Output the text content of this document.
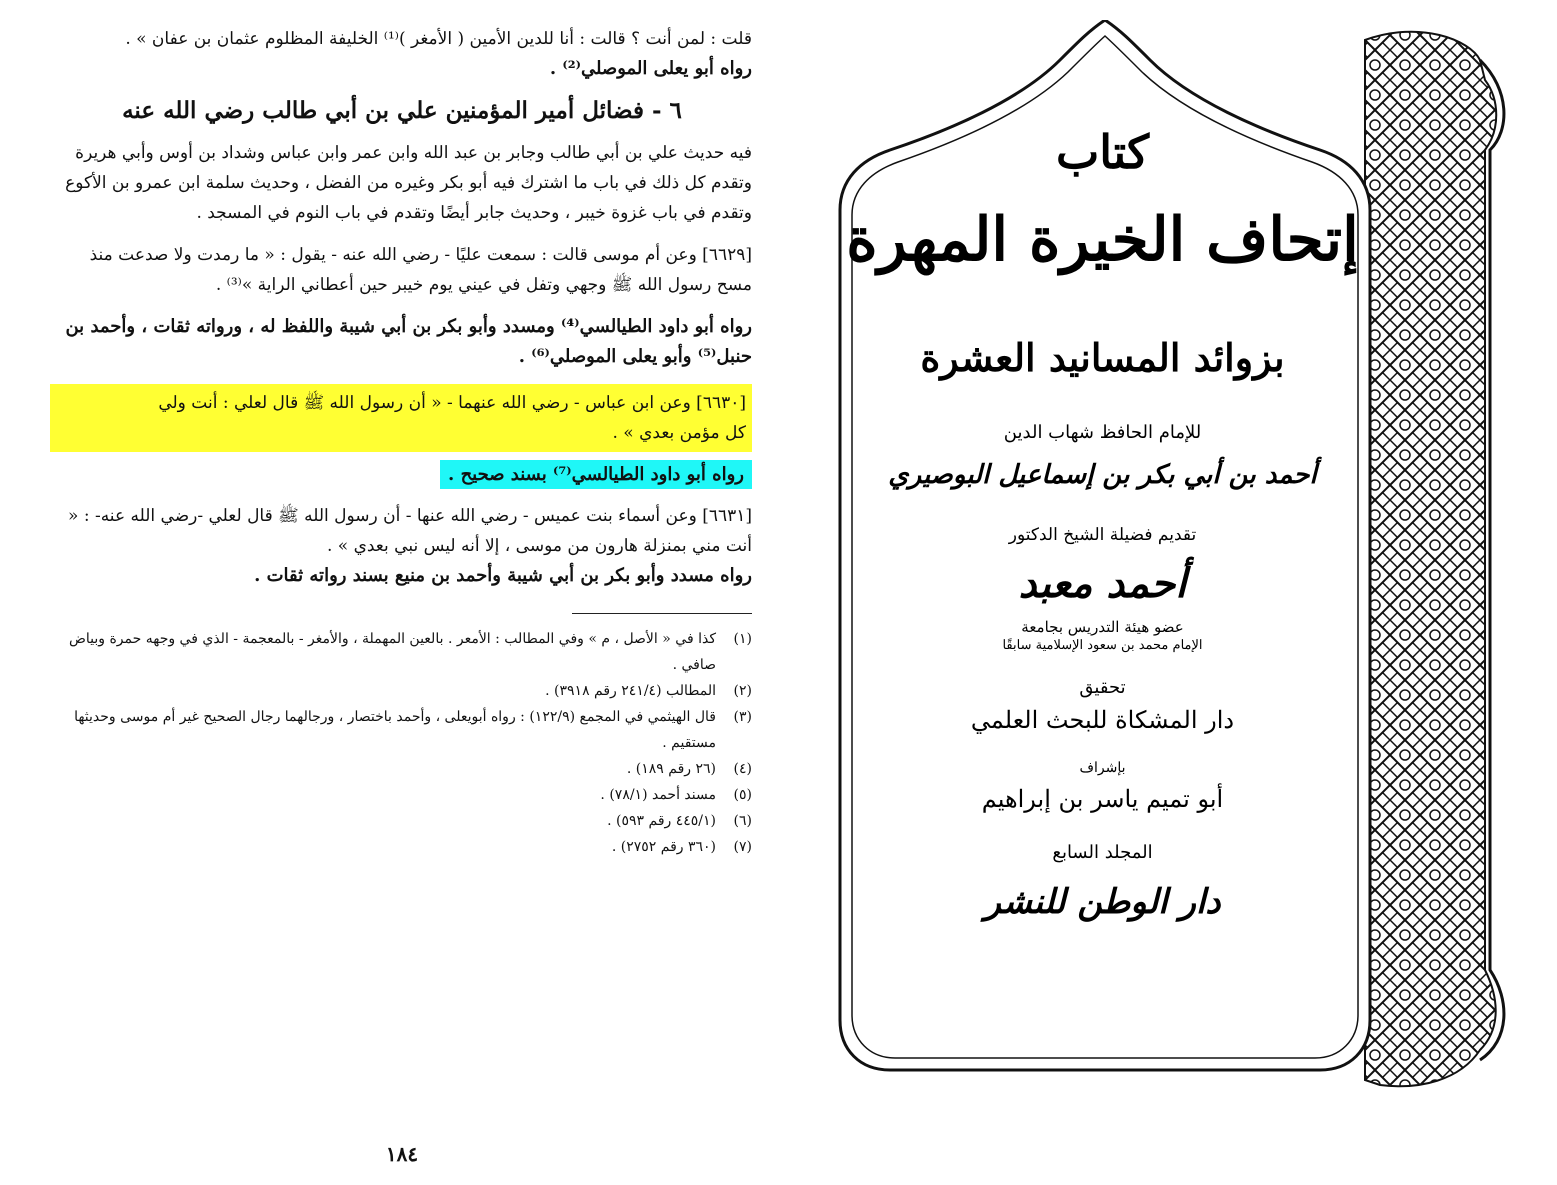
قلت : لمن أنت ؟ قالت : أنا للدين الأمين ( الأمغر )⁽¹⁾ الخليفة المظلوم عثمان بن عفان » .

رواه أبو يعلى الموصلي⁽²⁾ .

٦ - فضائل أمير المؤمنين علي بن أبي طالب رضي الله عنه

فيه حديث علي بن أبي طالب وجابر بن عبد الله وابن عمر وابن عباس وشداد بن أوس وأبي هريرة وتقدم كل ذلك في باب ما اشترك فيه أبو بكر وغيره من الفضل ، وحديث سلمة ابن عمرو بن الأكوع وتقدم في باب غزوة خيبر ، وحديث جابر أيضًا وتقدم في باب النوم في المسجد .

[٦٦٢٩] وعن أم موسى قالت : سمعت عليًا - رضي الله عنه - يقول : « ما رمدت ولا صدعت منذ مسح رسول الله ﷺ وجهي وتفل في عيني يوم خيبر حين أعطاني الراية »⁽³⁾ .

رواه أبو داود الطيالسي⁽⁴⁾ ومسدد وأبو بكر بن أبي شيبة واللفظ له ، ورواته ثقات ، وأحمد بن حنبل⁽⁵⁾ وأبو يعلى الموصلي⁽⁶⁾ .

[٦٦٣٠] وعن ابن عباس - رضي الله عنهما - « أن رسول الله ﷺ قال لعلي : أنت ولي

كل مؤمن بعدي » .

رواه أبو داود الطيالسي⁽⁷⁾ بسند صحيح .

[٦٦٣١] وعن أسماء بنت عميس - رضي الله عنها - أن رسول الله ﷺ قال لعلي -رضي الله عنه- : « أنت مني بمنزلة هارون من موسى ، إلا أنه ليس نبي بعدي » .

رواه مسدد وأبو بكر بن أبي شيبة وأحمد بن منيع بسند رواته ثقات .

(١)
كذا في « الأصل ، م » وفي المطالب : الأمعر . بالعين المهملة ، والأمغر - بالمعجمة - الذي في وجهه حمرة وبياض صافي .
(٢)
المطالب (٢٤١/٤ رقم ٣٩١٨) .
(٣)
قال الهيثمي في المجمع (١٢٢/٩) : رواه أبويعلى ، وأحمد باختصار ، ورجالهما رجال الصحيح غير أم موسى وحديثها مستقيم .
(٤)
(٢٦ رقم ١٨٩) .
(٥)
مسند أحمد (٧٨/١) .
(٦)
(٤٤٥/١ رقم ٥٩٣) .
(٧)
(٣٦٠ رقم ٢٧٥٢) .
١٨٤
كتاب
إتحاف الخيرة المهرة
بزوائد المسانيد العشرة
للإمام الحافظ شهاب الدين
أحمد بن أبي بكر بن إسماعيل البوصيري
تقديم فضيلة الشيخ الدكتور
أحمد معبد
عضو هيئة التدريس بجامعة
الإمام محمد بن سعود الإسلامية سابقًا
تحقيق
دار المشكاة للبحث العلمي
بإشراف
أبو تميم ياسر بن إبراهيم
المجلد السابع
دار الوطن للنشر
